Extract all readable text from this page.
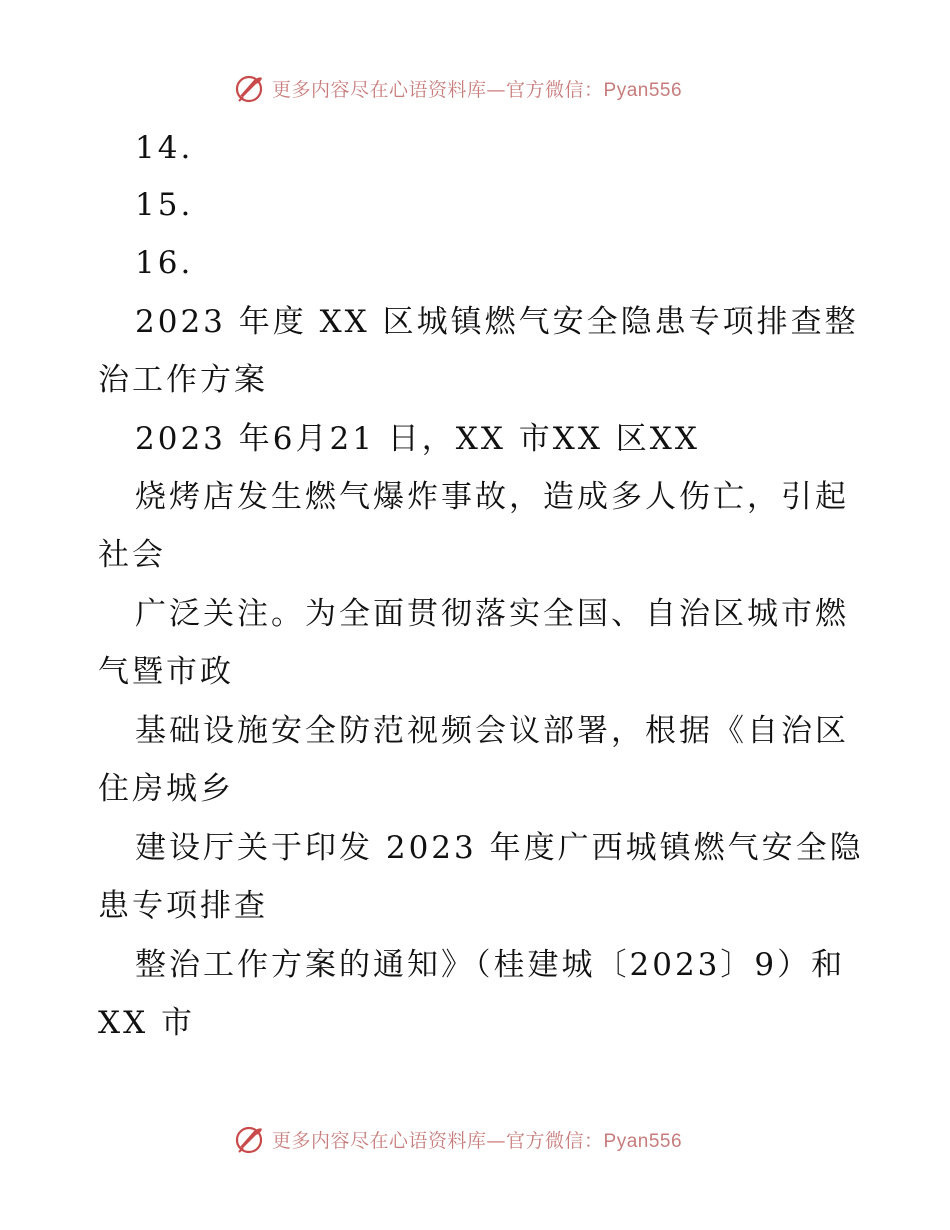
更多内容尽在心语资料库—官方微信：Pyan556
14.
15.
16.
2023 年度 XX 区城镇燃气安全隐患专项排查整
治工作方案
2023 年6月21 日，XX 市XX 区XX
烧烤店发生燃气爆炸事故，造成多人伤亡，引起
社会
广泛关注。为全面贯彻落实全国、自治区城市燃
气暨市政
基础设施安全防范视频会议部署，根据《自治区
住房城乡
建设厅关于印发 2023 年度广西城镇燃气安全隐
患专项排查
整治工作方案的通知》（桂建城〔2023〕9）和
XX 市
更多内容尽在心语资料库—官方微信：Pyan556
